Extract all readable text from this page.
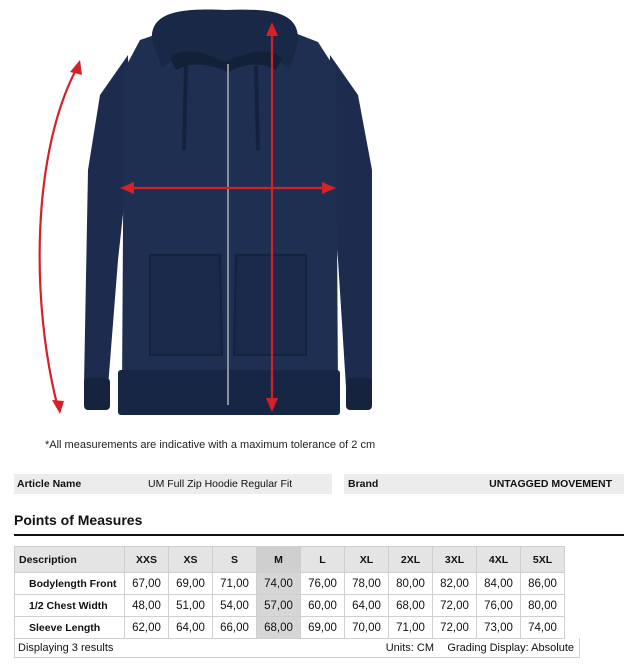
*All measurements are indicative with a maximum tolerance of 2 cm
Article Name	UM Full Zip Hoodie Regular Fit	Brand	UNTAGGED MOVEMENT
Points of Measures
Description	XXS	XS	S	M	L	XL	2XL	3XL	4XL	5XL
Bodylength Front	67,00	69,00	71,00	74,00	76,00	78,00	80,00	82,00	84,00	86,00
1/2 Chest Width	48,00	51,00	54,00	57,00	60,00	64,00	68,00	72,00	76,00	80,00
Sleeve Length	62,00	64,00	66,00	68,00	69,00	70,00	71,00	72,00	73,00	74,00
Displaying 3 results	Units: CM Grading Display: Absolute
